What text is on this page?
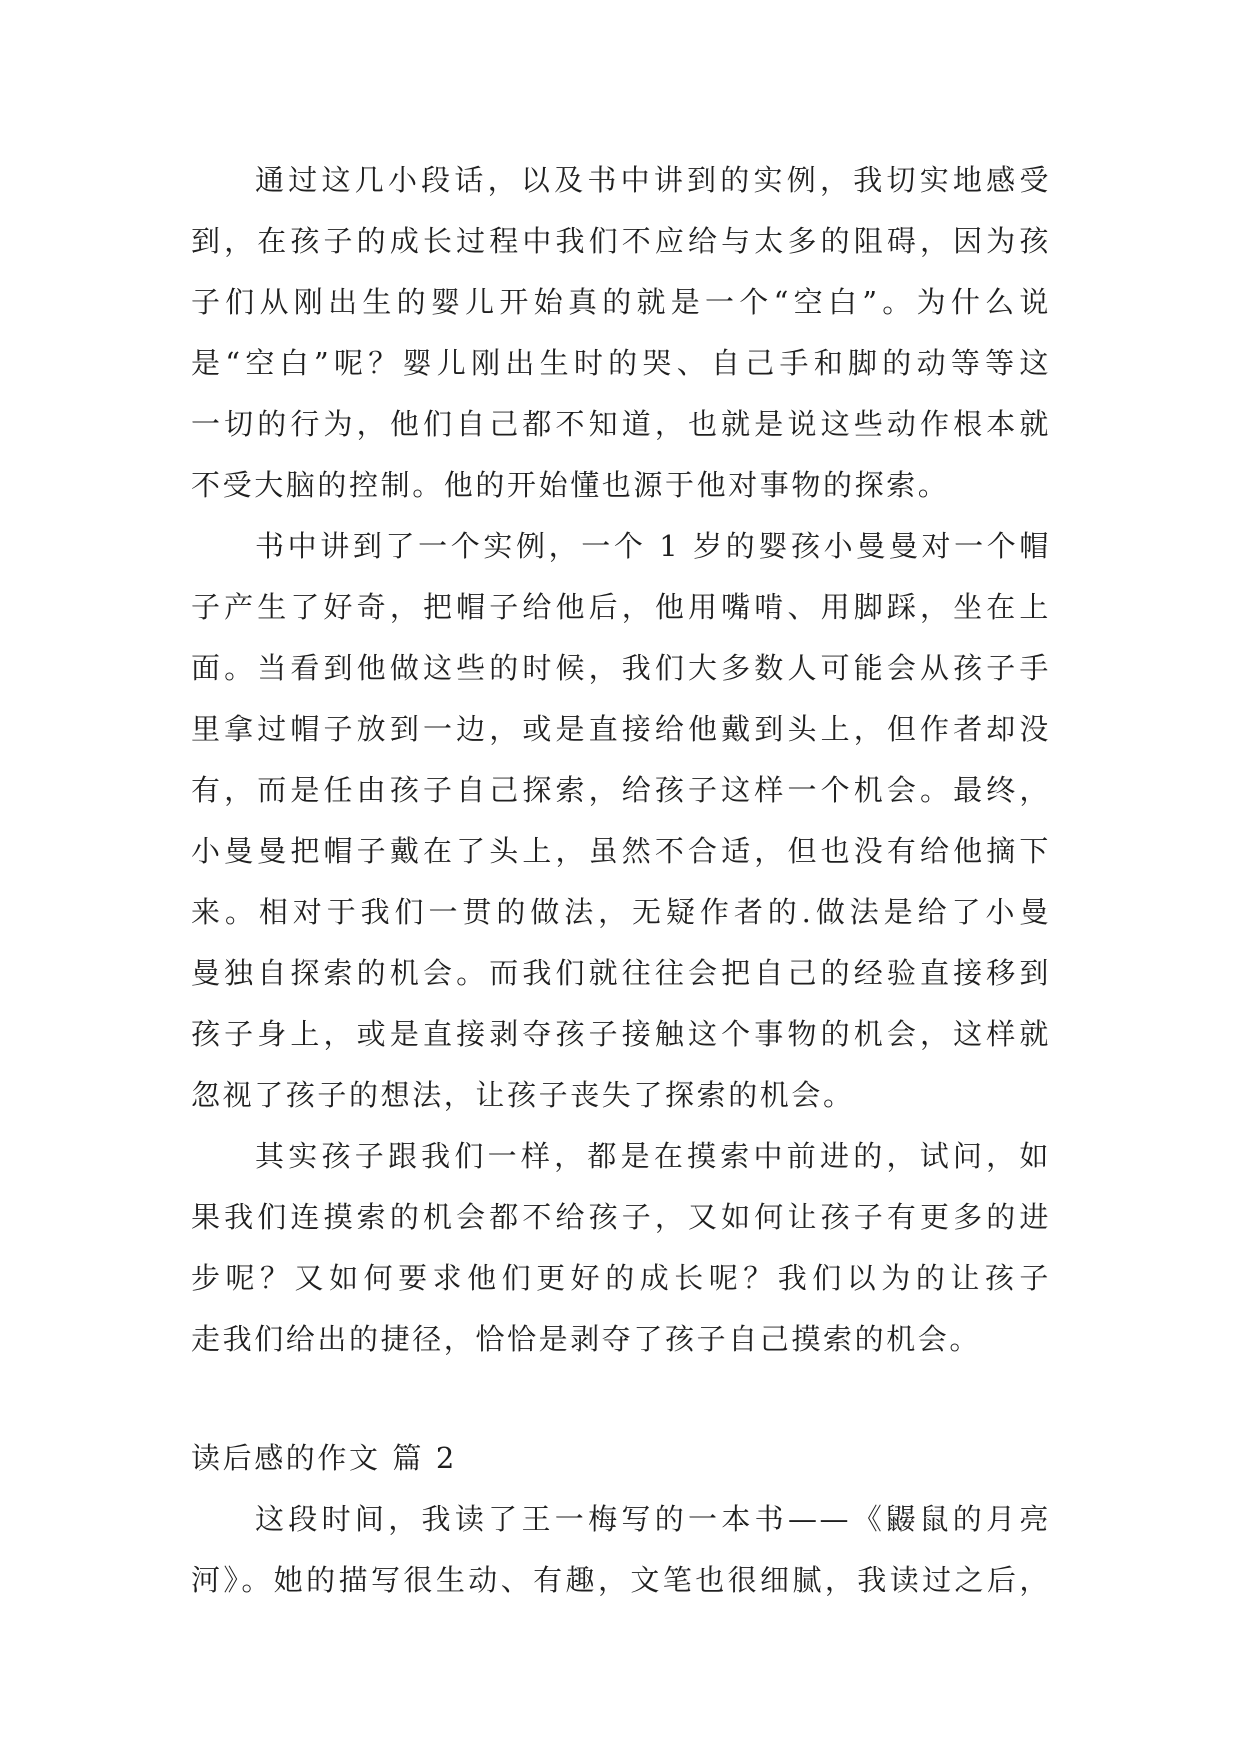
通过这几小段话，以及书中讲到的实例，我切实地感受
到，在孩子的成长过程中我们不应给与太多的阻碍，因为孩
子们从刚出生的婴儿开始真的就是一个“空白”。为什么说
是“空白”呢？婴儿刚出生时的哭、自己手和脚的动等等这
一切的行为，他们自己都不知道，也就是说这些动作根本就
不受大脑的控制。他的开始懂也源于他对事物的探索。
书中讲到了一个实例，一个 1 岁的婴孩小曼曼对一个帽
子产生了好奇，把帽子给他后，他用嘴啃、用脚踩，坐在上
面。当看到他做这些的时候，我们大多数人可能会从孩子手
里拿过帽子放到一边，或是直接给他戴到头上，但作者却没
有，而是任由孩子自己探索，给孩子这样一个机会。最终，
小曼曼把帽子戴在了头上，虽然不合适，但也没有给他摘下
来。相对于我们一贯的做法，无疑作者的.做法是给了小曼
曼独自探索的机会。而我们就往往会把自己的经验直接移到
孩子身上，或是直接剥夺孩子接触这个事物的机会，这样就
忽视了孩子的想法，让孩子丧失了探索的机会。
其实孩子跟我们一样，都是在摸索中前进的，试问，如
果我们连摸索的机会都不给孩子，又如何让孩子有更多的进
步呢？又如何要求他们更好的成长呢？我们以为的让孩子
走我们给出的捷径，恰恰是剥夺了孩子自己摸索的机会。
读后感的作文 篇 2
这段时间，我读了王一梅写的一本书——《鼹鼠的月亮
河》。她的描写很生动、有趣，文笔也很细腻，我读过之后，
